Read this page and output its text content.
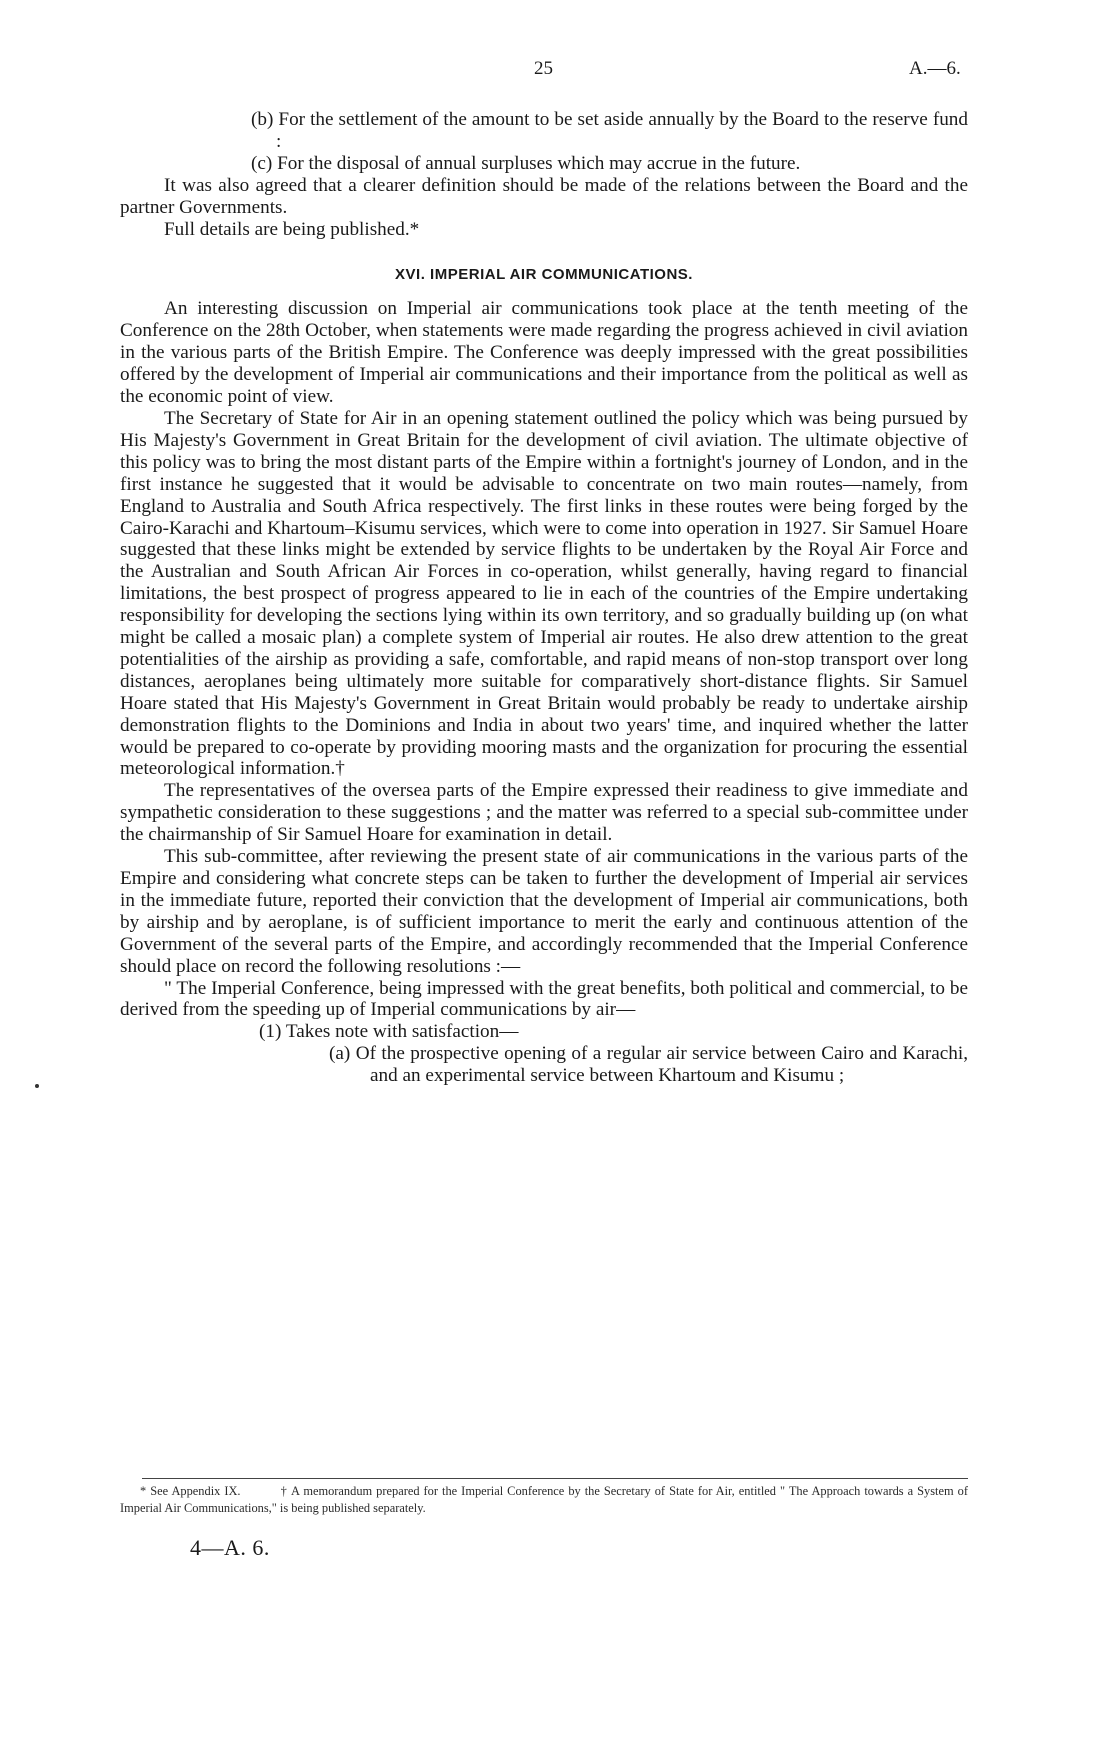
25	A.—6.

(b) For the settlement of the amount to be set aside annually by the Board to the reserve fund :

(c) For the disposal of annual surpluses which may accrue in the future.

It was also agreed that a clearer definition should be made of the relations between the Board and the partner Governments.

Full details are being published.*

XVI. IMPERIAL AIR COMMUNICATIONS.

An interesting discussion on Imperial air communications took place at the tenth meeting of the Conference on the 28th October, when statements were made regarding the progress achieved in civil aviation in the various parts of the British Empire. The Conference was deeply impressed with the great possibilities offered by the development of Imperial air communications and their importance from the political as well as the economic point of view.

The Secretary of State for Air in an opening statement outlined the policy which was being pursued by His Majesty's Government in Great Britain for the development of civil aviation. The ultimate objective of this policy was to bring the most distant parts of the Empire within a fortnight's journey of London, and in the first instance he suggested that it would be advisable to concentrate on two main routes—namely, from England to Australia and South Africa respectively. The first links in these routes were being forged by the Cairo-Karachi and Khartoum–Kisumu services, which were to come into operation in 1927. Sir Samuel Hoare suggested that these links might be extended by service flights to be undertaken by the Royal Air Force and the Australian and South African Air Forces in co-operation, whilst generally, having regard to financial limitations, the best prospect of progress appeared to lie in each of the countries of the Empire undertaking responsibility for developing the sections lying within its own territory, and so gradually building up (on what might be called a mosaic plan) a complete system of Imperial air routes. He also drew attention to the great potentialities of the airship as providing a safe, comfortable, and rapid means of non-stop transport over long distances, aeroplanes being ultimately more suitable for comparatively short-distance flights. Sir Samuel Hoare stated that His Majesty's Government in Great Britain would probably be ready to undertake airship demonstration flights to the Dominions and India in about two years' time, and inquired whether the latter would be prepared to co-operate by providing mooring masts and the organization for procuring the essential meteorological information.†

The representatives of the oversea parts of the Empire expressed their readiness to give immediate and sympathetic consideration to these suggestions ; and the matter was referred to a special sub-committee under the chairmanship of Sir Samuel Hoare for examination in detail.

This sub-committee, after reviewing the present state of air communications in the various parts of the Empire and considering what concrete steps can be taken to further the development of Imperial air services in the immediate future, reported their conviction that the development of Imperial air communications, both by airship and by aeroplane, is of sufficient importance to merit the early and continuous attention of the Government of the several parts of the Empire, and accordingly recommended that the Imperial Conference should place on record the following resolutions :—

" The Imperial Conference, being impressed with the great benefits, both political and commercial, to be derived from the speeding up of Imperial communications by air—

(1) Takes note with satisfaction—

(a) Of the prospective opening of a regular air service between Cairo and Karachi, and an experimental service between Khartoum and Kisumu ;

* See Appendix IX.	† A memorandum prepared for the Imperial Conference by the Secretary of State for Air, entitled " The Approach towards a System of Imperial Air Communications," is being published separately.
4—A. 6.
